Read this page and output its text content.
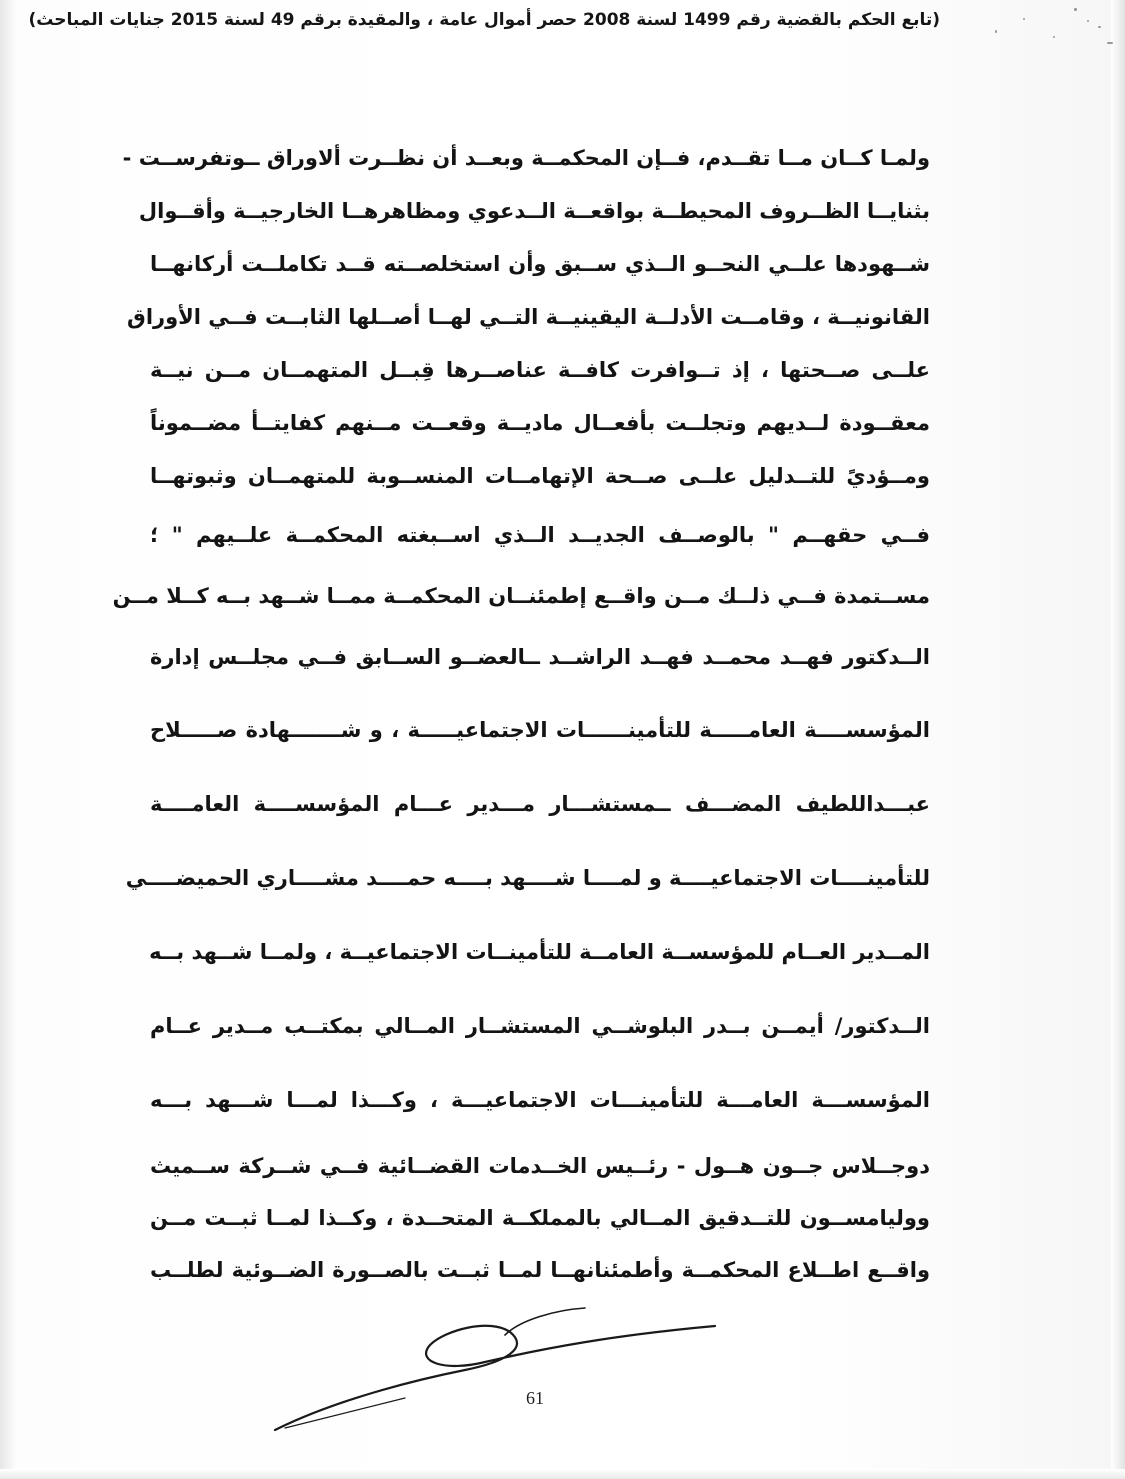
(تابع الحكم بالقضية رقم 1499 لسنة 2008 حصر أموال عامة ، والمقيدة برقم 49 لسنة 2015 جنايات المباحث)
ولمـا كــان مــا تقــدم، فــإن المحكمــة وبعــد أن نظــرت ألاوراق ــوتفرســت -
بثنايــا الظــروف المحيطــة بواقعــة الــدعوي ومظاهرهــا الخارجيــة وأقــوال
شــهودها علــي النحــو الــذي ســبق وأن استخلصــته قــد تكاملــت أركانهــا
القانونيــة ، وقامــت الأدلــة اليقينيــة التــي لهــا أصــلها الثابــت فــي الأوراق
علــى صــحتها ، إذ تــوافرت كافــة عناصــرها قِبــل المتهمــان مــن نيــة
معقــودة لــديهم وتجلــت بأفعــال ماديــة وقعــت مــنهم كفايتــأ مضــموناً
ومــؤديً للتــدليل علــى صــحة الإتهامــات المنســوبة للمتهمــان وثبوتهــا
فــي حقهــم " بالوصــف الجديــد الــذي اســبغته المحكمــة علــيهم " ؛
مســتمدة فــي ذلــك مــن واقــع إطمئنــان المحكمــة ممــا شــهد بــه كــلا مــن
الــدكتور فهــد محمــد فهــد الراشــد ــالعضــو الســابق فــي مجلــس إدارة
المؤسســــة العامـــــة للتأمينــــــات الاجتماعيـــــة ، و شـــــــهادة صـــــلاح
عبـــداللطيف المضـــف ــمستشـــار مـــدير عـــام المؤسســــة العامــــة
للتأمينــــات الاجتماعيــــة و لمــــا شــــهد بــــه حمــــد مشــــاري الحميضــــي
المــدير العــام للمؤسســة العامــة للتأمينــات الاجتماعيــة ، ولمــا شــهد بــه
الــدكتور/ أيمــن بــدر البلوشــي المستشــار المــالي بمكتــب مــدير عــام
المؤسســـة العامـــة للتأمينـــات الاجتماعيـــة ، وكـــذا لمـــا شـــهد بـــه
دوجــلاس جــون هــول - رئــيس الخــدمات القضــائية فــي شــركة ســميث
وولیامســون للتــدقيق المــالي بالمملكــة المتحــدة ، وكــذا لمــا ثبــت مــن
واقــع اطــلاع المحكمــة وأطمئنانهــا لمــا ثبــت بالصــورة الضــوئية لطلــب
61
